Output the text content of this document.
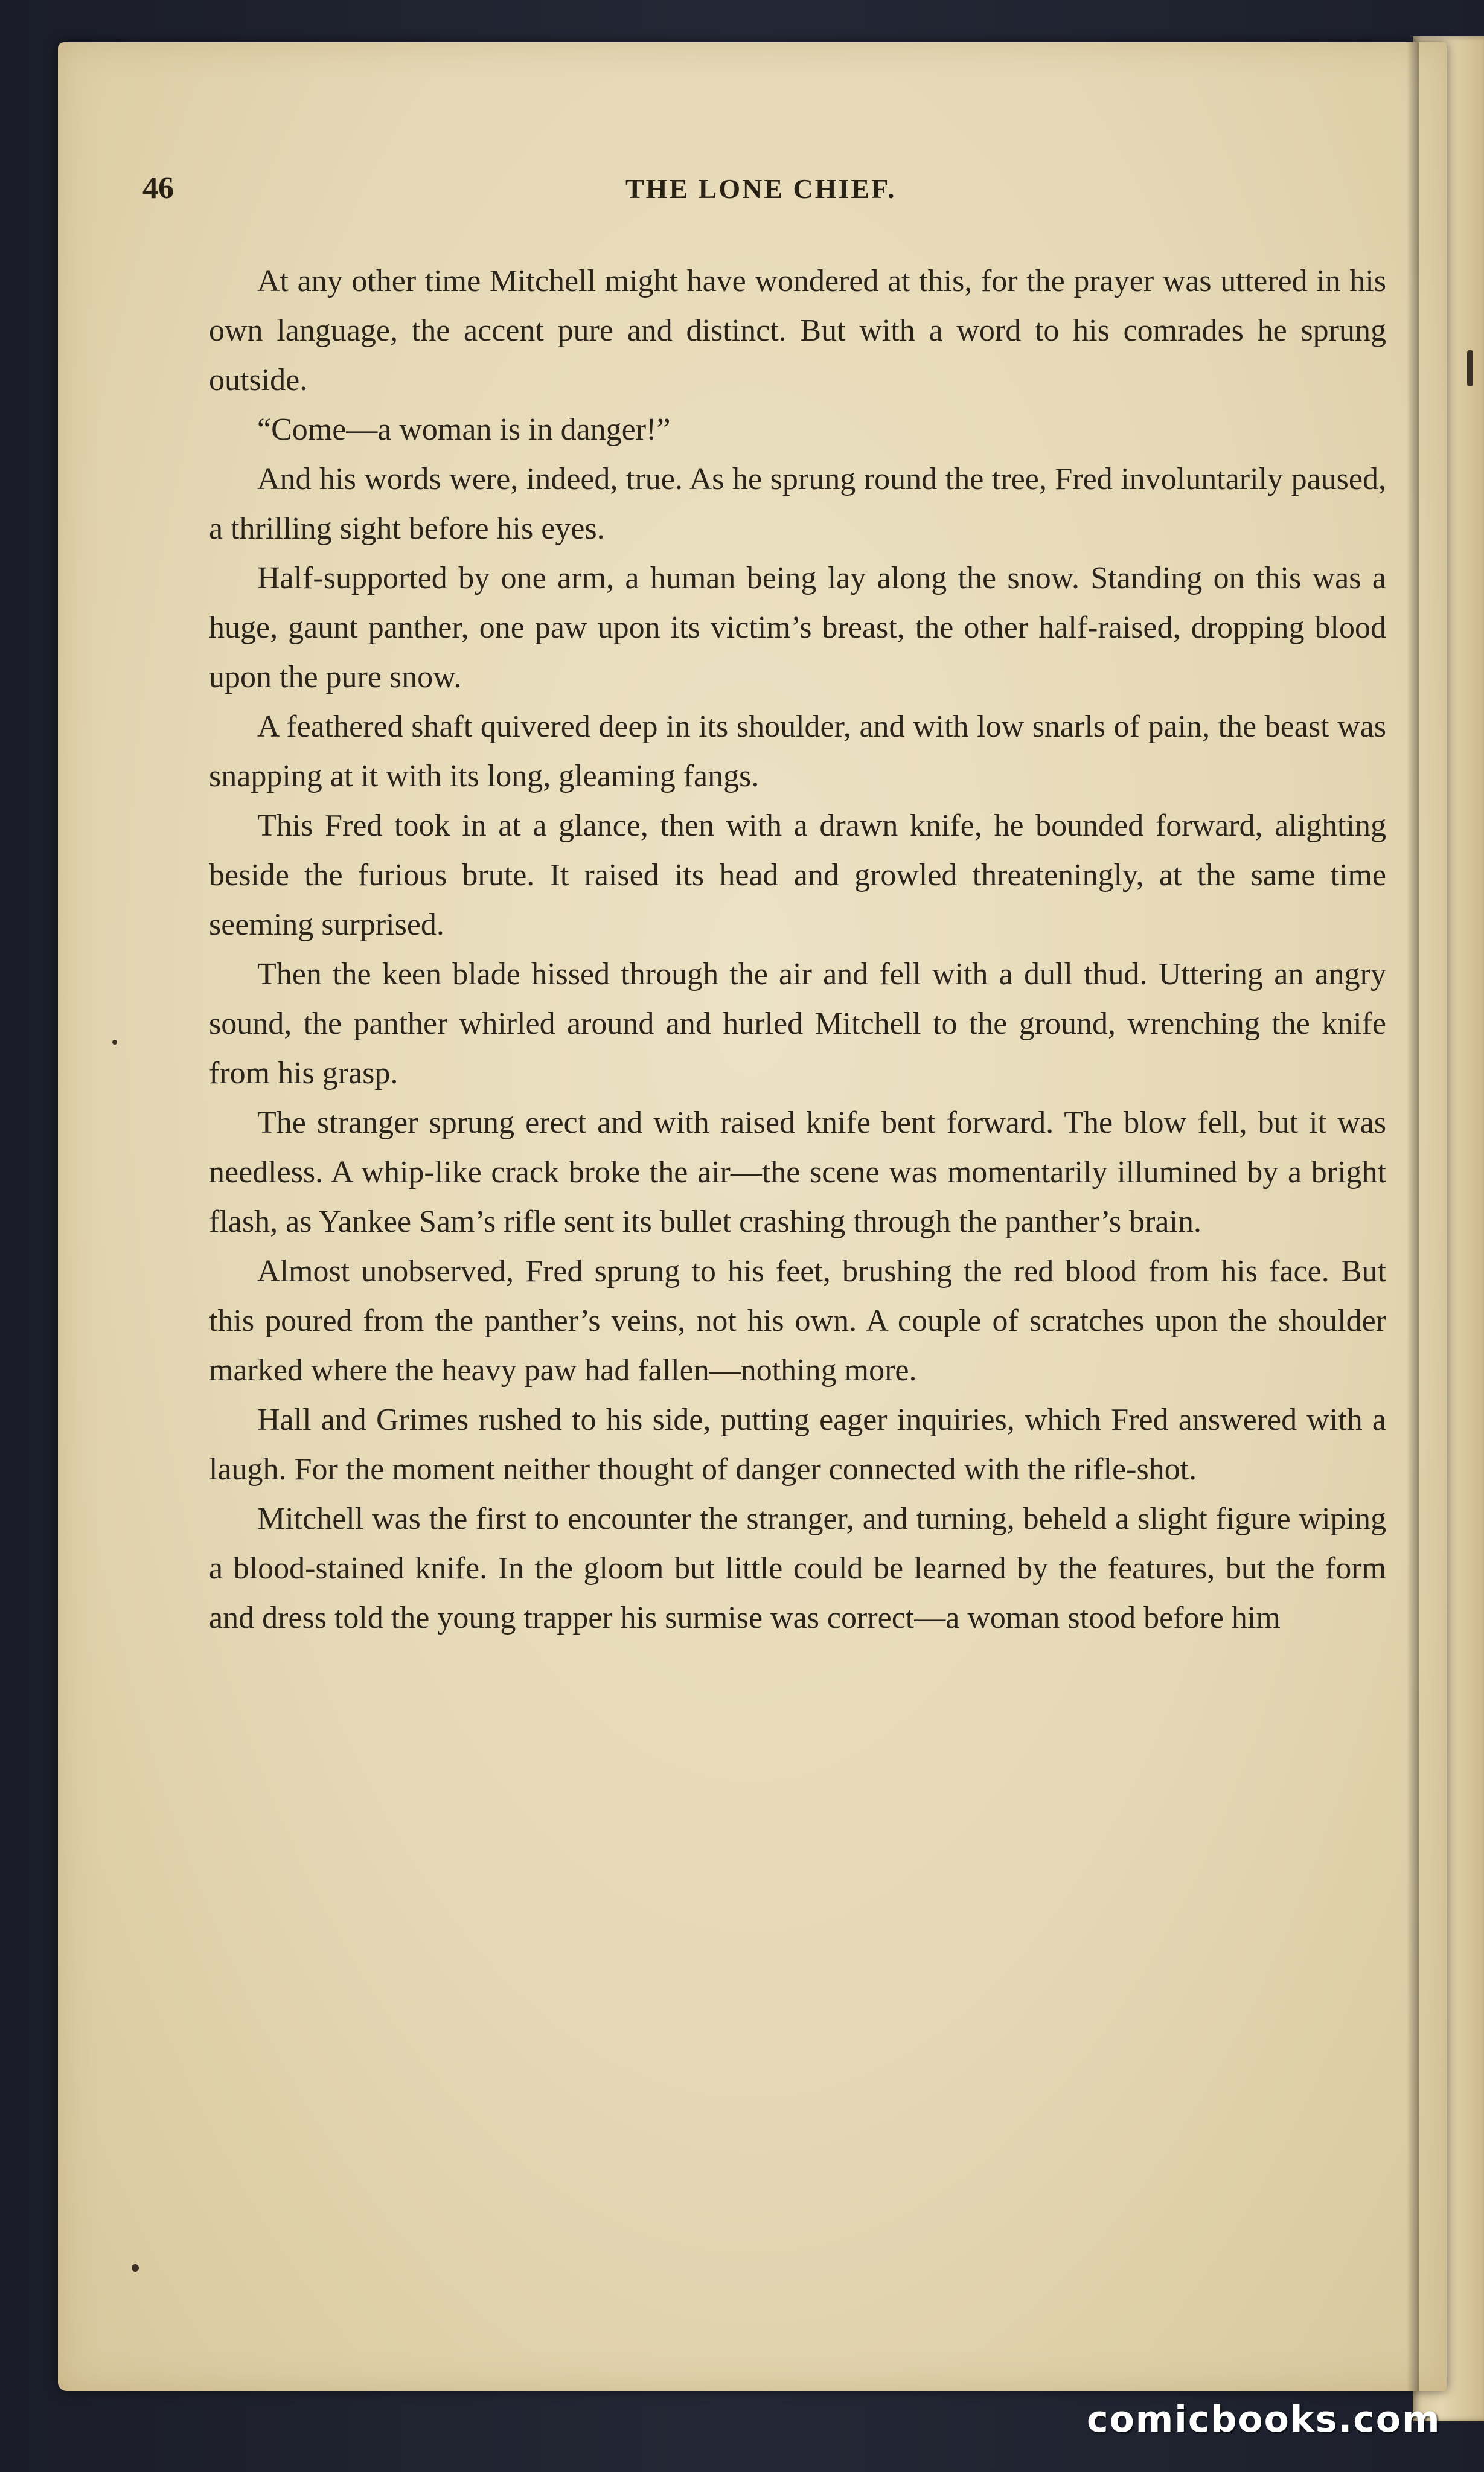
46	THE LONE CHIEF.

At any other time Mitchell might have wondered at this, for the prayer was uttered in his own language, the accent pure and distinct. But with a word to his comrades he sprung outside.

“Come—a woman is in danger!”

And his words were, indeed, true. As he sprung round the tree, Fred involuntarily paused, a thrilling sight before his eyes.

Half-supported by one arm, a human being lay along the snow. Standing on this was a huge, gaunt panther, one paw upon its victim’s breast, the other half-raised, dropping blood upon the pure snow.

A feathered shaft quivered deep in its shoulder, and with low snarls of pain, the beast was snapping at it with its long, gleaming fangs.

This Fred took in at a glance, then with a drawn knife, he bounded forward, alighting beside the furious brute. It raised its head and growled threateningly, at the same time seeming surprised.

Then the keen blade hissed through the air and fell with a dull thud. Uttering an angry sound, the panther whirled around and hurled Mitchell to the ground, wrenching the knife from his grasp.

The stranger sprung erect and with raised knife bent forward. The blow fell, but it was needless. A whip-like crack broke the air—the scene was momentarily illumined by a bright flash, as Yankee Sam’s rifle sent its bullet crashing through the panther’s brain.

Almost unobserved, Fred sprung to his feet, brushing the red blood from his face. But this poured from the panther’s veins, not his own. A couple of scratches upon the shoulder marked where the heavy paw had fallen—nothing more.

Hall and Grimes rushed to his side, putting eager inquiries, which Fred answered with a laugh. For the moment neither thought of danger connected with the rifle-shot.

Mitchell was the first to encounter the stranger, and turning, beheld a slight figure wiping a blood-stained knife. In the gloom but little could be learned by the features, but the form and dress told the young trapper his surmise was correct—a woman stood before him

comicbooks.com
